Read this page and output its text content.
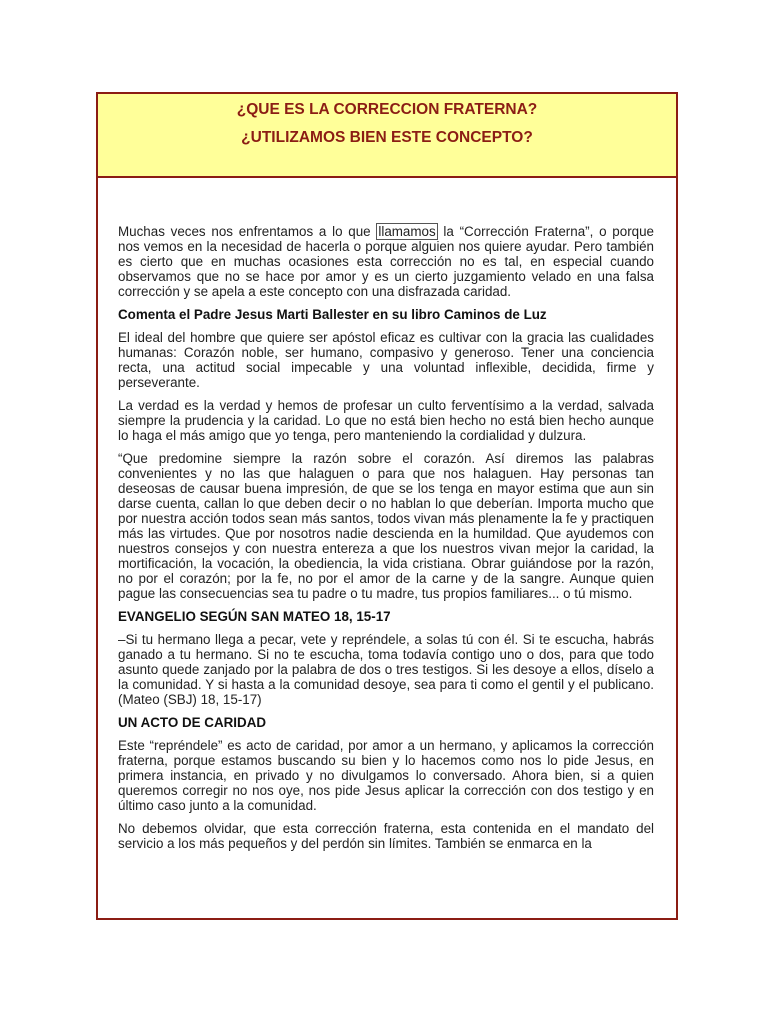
¿QUE ES LA CORRECCION FRATERNA?
¿UTILIZAMOS BIEN ESTE CONCEPTO?

Muchas veces nos enfrentamos a lo que llamamos la “Corrección Fraterna”, o porque nos vemos en la necesidad de hacerla o porque alguien nos quiere ayudar. Pero también es cierto que en muchas ocasiones esta corrección no es tal, en especial cuando observamos que no se hace por amor y es un cierto juzgamiento velado en una falsa corrección y se apela a este concepto con una disfrazada caridad.

Comenta el Padre Jesus Marti Ballester en su libro Caminos de Luz

El ideal del hombre que quiere ser apóstol eficaz es cultivar con la gracia las cualidades humanas: Corazón noble, ser humano, compasivo y generoso. Tener una conciencia recta, una actitud social impecable y una voluntad inflexible, decidida, firme y perseverante.

La verdad es la verdad y hemos de profesar un culto ferventísimo a la verdad, salvada siempre la prudencia y la caridad. Lo que no está bien hecho no está bien hecho aunque lo haga el más amigo que yo tenga, pero manteniendo la cordialidad y dulzura.

“Que predomine siempre la razón sobre el corazón. Así diremos las palabras convenientes y no las que halaguen o para que nos halaguen. Hay personas tan deseosas de causar buena impresión, de que se los tenga en mayor estima que aun sin darse cuenta, callan lo que deben decir o no hablan lo que deberían. Importa mucho que por nuestra acción todos sean más santos, todos vivan más plenamente la fe y practiquen más las virtudes. Que por nosotros nadie descienda en la humildad. Que ayudemos con nuestros consejos y con nuestra entereza a que los nuestros vivan mejor la caridad, la mortificación, la vocación, la obediencia, la vida cristiana. Obrar guiándose por la razón, no por el corazón; por la fe, no por el amor de la carne y de la sangre. Aunque quien pague las consecuencias sea tu padre o tu madre, tus propios familiares... o tú mismo.

EVANGELIO SEGÚN SAN MATEO 18, 15-17

–Si tu hermano llega a pecar, vete y repréndele, a solas tú con él. Si te escucha, habrás ganado a tu hermano. Si no te escucha, toma todavía contigo uno o dos, para que todo asunto quede zanjado por la palabra de dos o tres testigos. Si les desoye a ellos, díselo a la comunidad. Y si hasta a la comunidad desoye, sea para ti como el gentil y el publicano. (Mateo (SBJ) 18, 15-17)

UN ACTO DE CARIDAD

Este “repréndele” es acto de caridad, por amor a un hermano, y aplicamos la corrección fraterna, porque estamos buscando su bien y lo hacemos como nos lo pide Jesus, en primera instancia, en privado y no divulgamos lo conversado. Ahora bien, si a quien queremos corregir no nos oye, nos pide Jesus aplicar la corrección con dos testigo y en último caso junto a la comunidad.

No debemos olvidar, que esta corrección fraterna, esta contenida en el mandato del servicio a los más pequeños y del perdón sin límites. También se enmarca en la
